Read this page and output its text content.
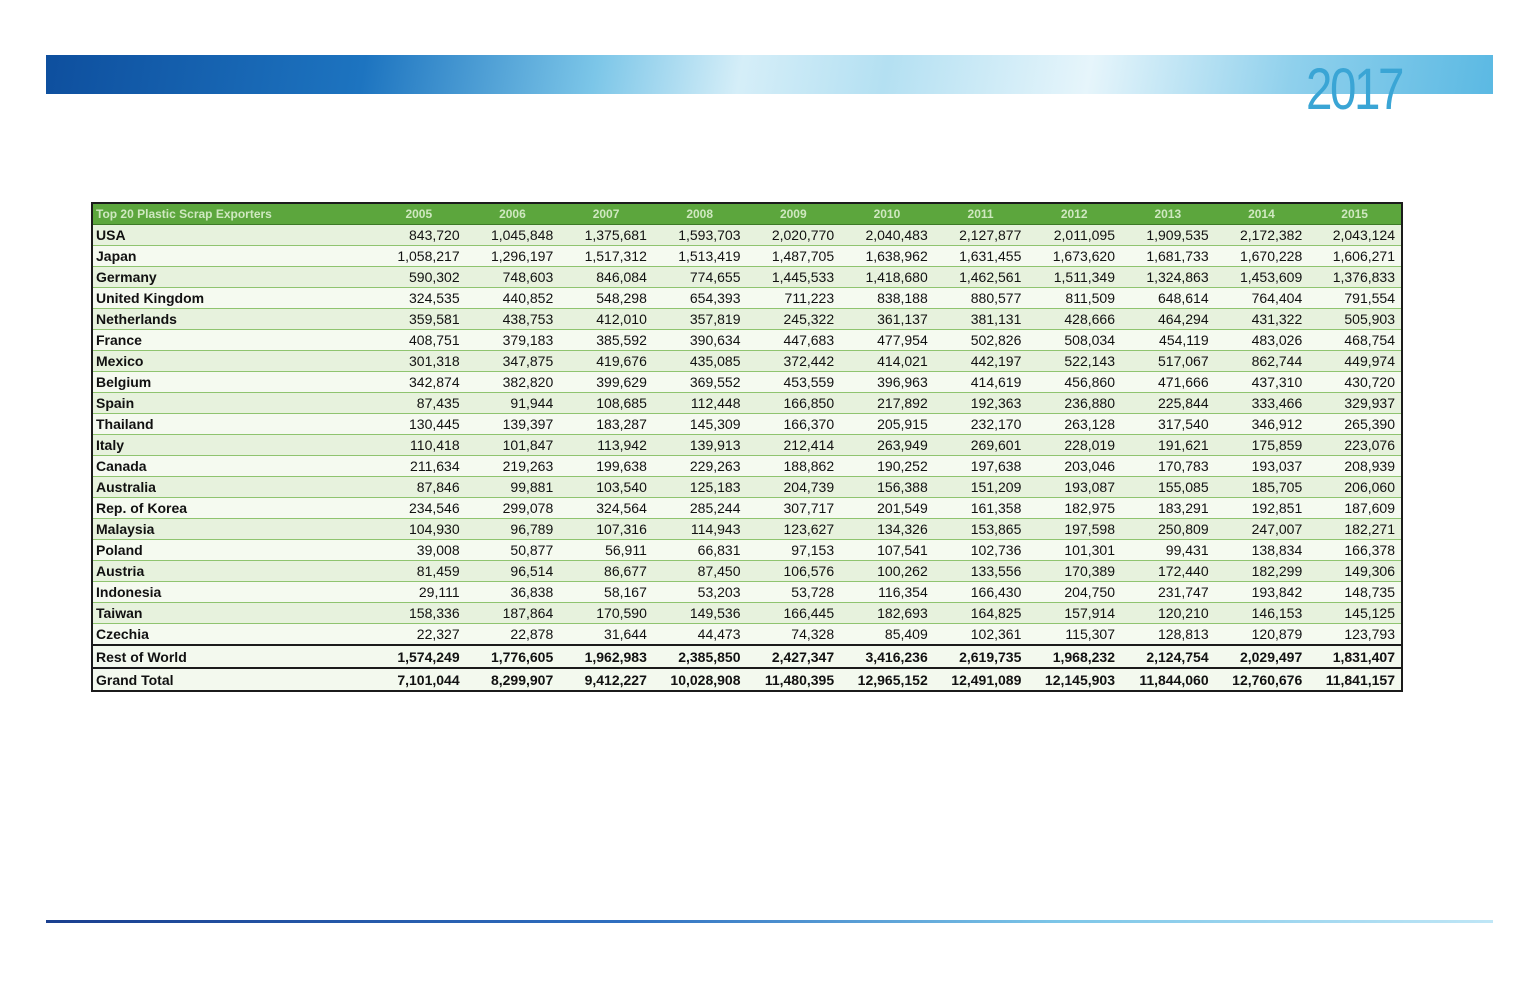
2017
Top 20 Plastic Scrap Exporters	2005	2006	2007	2008	2009	2010	2011	2012	2013	2014	2015
USA	843,720	1,045,848	1,375,681	1,593,703	2,020,770	2,040,483	2,127,877	2,011,095	1,909,535	2,172,382	2,043,124
Japan	1,058,217	1,296,197	1,517,312	1,513,419	1,487,705	1,638,962	1,631,455	1,673,620	1,681,733	1,670,228	1,606,271
Germany	590,302	748,603	846,084	774,655	1,445,533	1,418,680	1,462,561	1,511,349	1,324,863	1,453,609	1,376,833
United Kingdom	324,535	440,852	548,298	654,393	711,223	838,188	880,577	811,509	648,614	764,404	791,554
Netherlands	359,581	438,753	412,010	357,819	245,322	361,137	381,131	428,666	464,294	431,322	505,903
France	408,751	379,183	385,592	390,634	447,683	477,954	502,826	508,034	454,119	483,026	468,754
Mexico	301,318	347,875	419,676	435,085	372,442	414,021	442,197	522,143	517,067	862,744	449,974
Belgium	342,874	382,820	399,629	369,552	453,559	396,963	414,619	456,860	471,666	437,310	430,720
Spain	87,435	91,944	108,685	112,448	166,850	217,892	192,363	236,880	225,844	333,466	329,937
Thailand	130,445	139,397	183,287	145,309	166,370	205,915	232,170	263,128	317,540	346,912	265,390
Italy	110,418	101,847	113,942	139,913	212,414	263,949	269,601	228,019	191,621	175,859	223,076
Canada	211,634	219,263	199,638	229,263	188,862	190,252	197,638	203,046	170,783	193,037	208,939
Australia	87,846	99,881	103,540	125,183	204,739	156,388	151,209	193,087	155,085	185,705	206,060
Rep. of Korea	234,546	299,078	324,564	285,244	307,717	201,549	161,358	182,975	183,291	192,851	187,609
Malaysia	104,930	96,789	107,316	114,943	123,627	134,326	153,865	197,598	250,809	247,007	182,271
Poland	39,008	50,877	56,911	66,831	97,153	107,541	102,736	101,301	99,431	138,834	166,378
Austria	81,459	96,514	86,677	87,450	106,576	100,262	133,556	170,389	172,440	182,299	149,306
Indonesia	29,111	36,838	58,167	53,203	53,728	116,354	166,430	204,750	231,747	193,842	148,735
Taiwan	158,336	187,864	170,590	149,536	166,445	182,693	164,825	157,914	120,210	146,153	145,125
Czechia	22,327	22,878	31,644	44,473	74,328	85,409	102,361	115,307	128,813	120,879	123,793
Rest of World	1,574,249	1,776,605	1,962,983	2,385,850	2,427,347	3,416,236	2,619,735	1,968,232	2,124,754	2,029,497	1,831,407
Grand Total	7,101,044	8,299,907	9,412,227	10,028,908	11,480,395	12,965,152	12,491,089	12,145,903	11,844,060	12,760,676	11,841,157
